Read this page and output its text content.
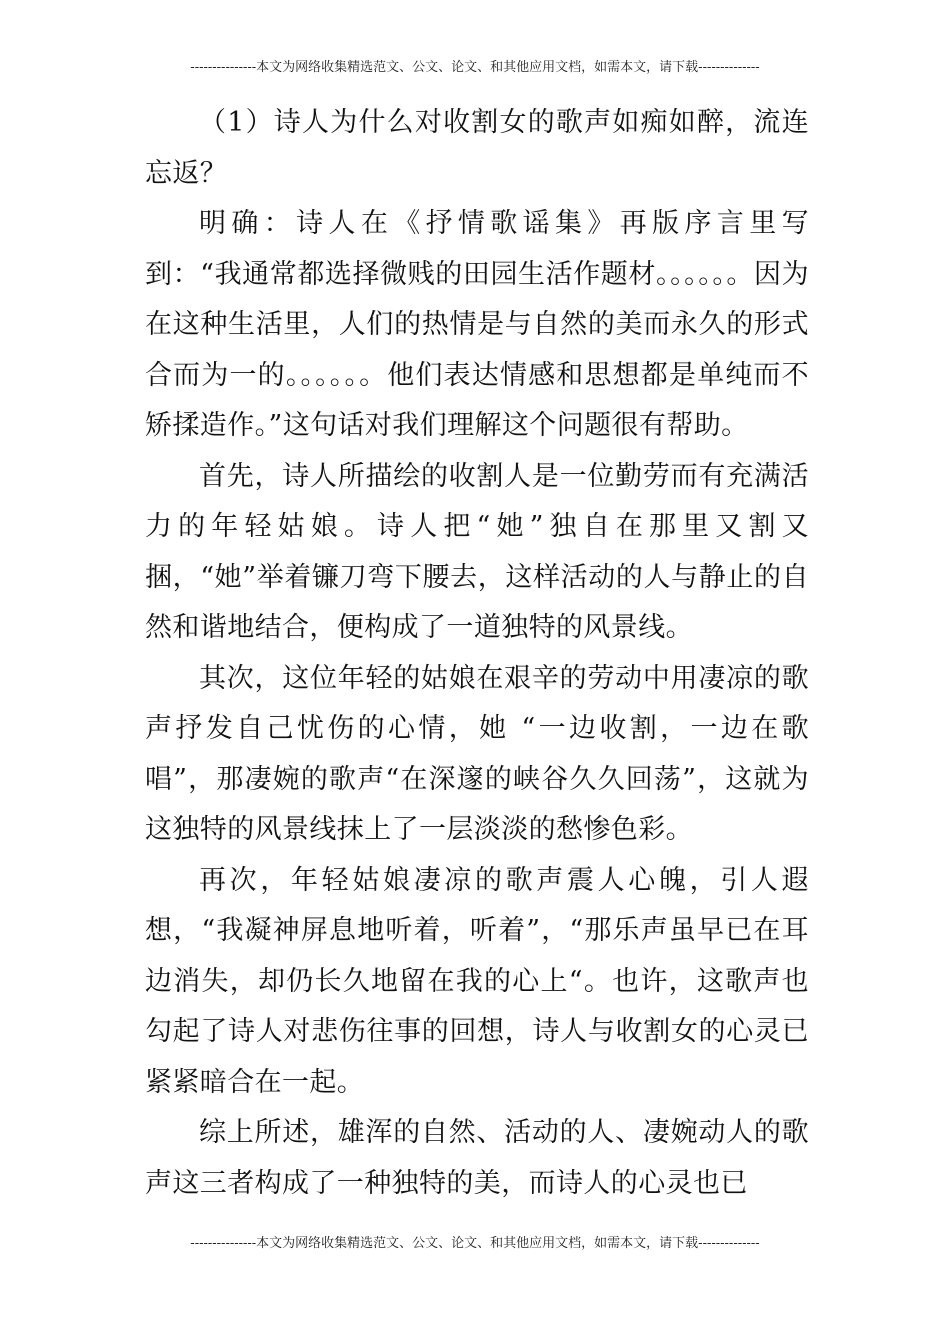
---------------本文为网络收集精选范文、公文、论文、和其他应用文档，如需本文，请下载--------------

（1）诗人为什么对收割女的歌声如痴如醉，流连忘返？

明确：诗人在《抒情歌谣集》再版序言里写到：“我通常都选择微贱的田园生活作题材。。。。。。因为在这种生活里，人们的热情是与自然的美而永久的形式合而为一的。。。。。。他们表达情感和思想都是单纯而不矫揉造作。”这句话对我们理解这个问题很有帮助。

首先，诗人所描绘的收割人是一位勤劳而有充满活力的年轻姑娘。诗人把“她”独自在那里又割又捆，“她”举着镰刀弯下腰去，这样活动的人与静止的自然和谐地结合，便构成了一道独特的风景线。

其次，这位年轻的姑娘在艰辛的劳动中用凄凉的歌声抒发自己忧伤的心情，她 “一边收割，一边在歌唱”，那凄婉的歌声“在深邃的峡谷久久回荡”，这就为这独特的风景线抹上了一层淡淡的愁惨色彩。

再次，年轻姑娘凄凉的歌声震人心魄，引人遐想，“我凝神屏息地听着，听着”，“那乐声虽早已在耳边消失，却仍长久地留在我的心上“。也许，这歌声也勾起了诗人对悲伤往事的回想，诗人与收割女的心灵已紧紧暗合在一起。

综上所述，雄浑的自然、活动的人、凄婉动人的歌声这三者构成了一种独特的美，而诗人的心灵也已

---------------本文为网络收集精选范文、公文、论文、和其他应用文档，如需本文，请下载--------------
